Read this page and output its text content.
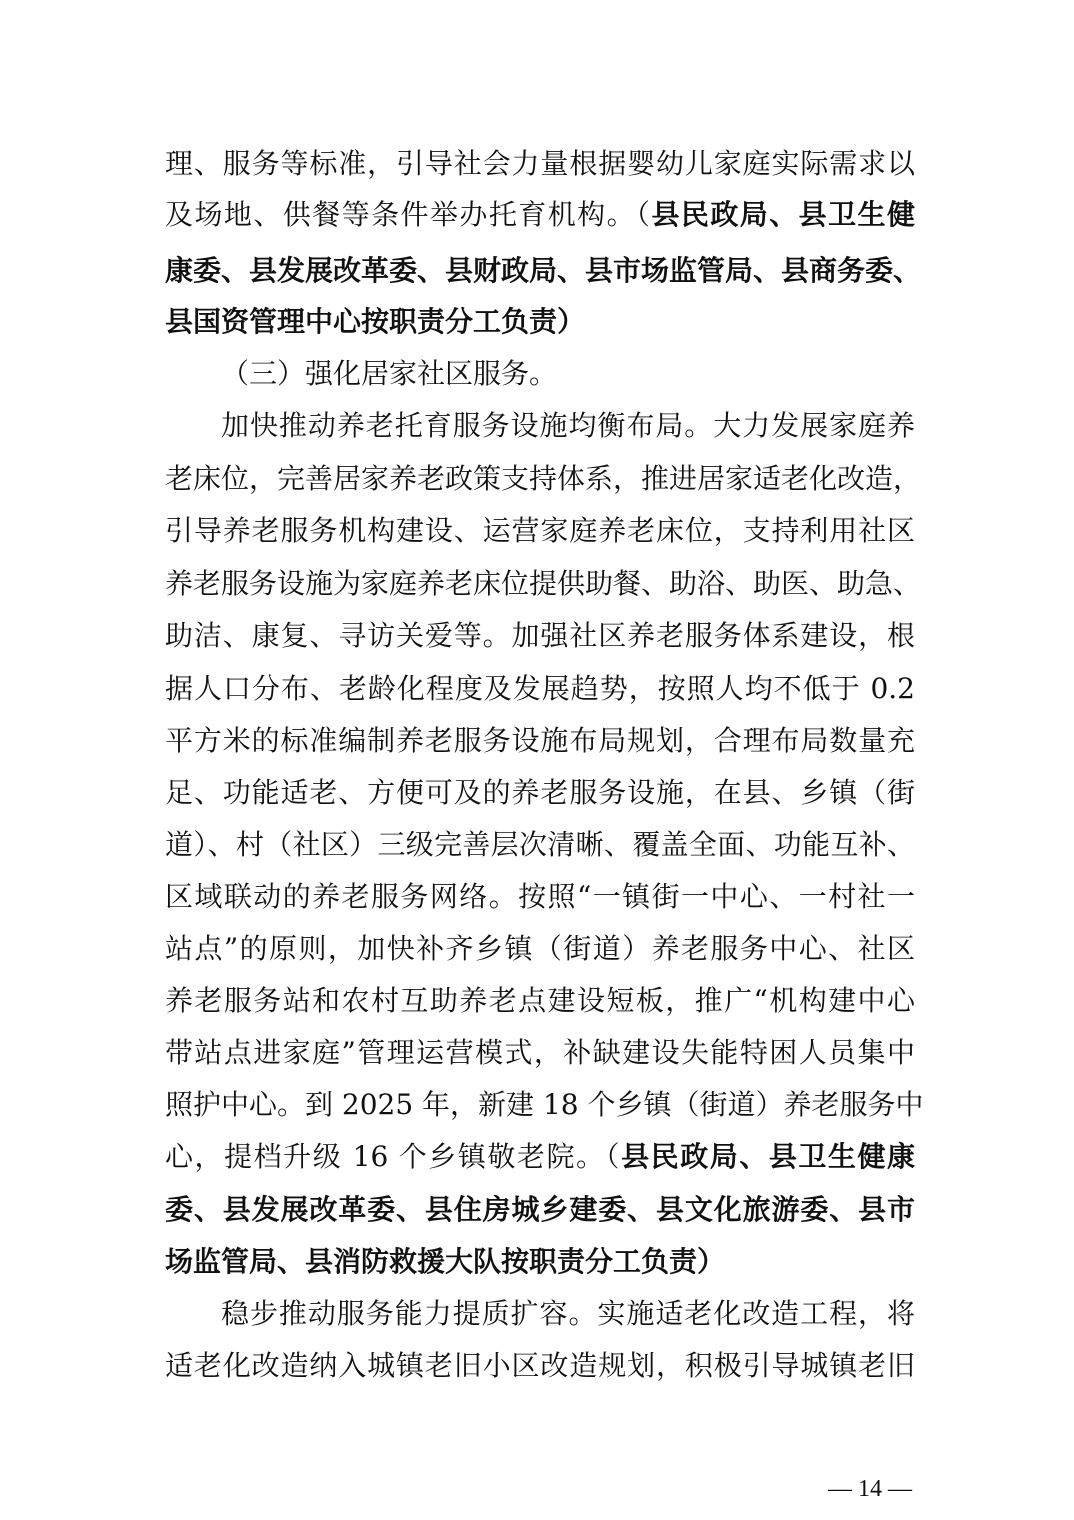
理、服务等标准，引导社会力量根据婴幼儿家庭实际需求以
及场地、供餐等条件举办托育机构。（县民政局、县卫生健
康委、县发展改革委、县财政局、县市场监管局、县商务委、
县国资管理中心按职责分工负责）
（三）强化居家社区服务。
加快推动养老托育服务设施均衡布局。大力发展家庭养
老床位，完善居家养老政策支持体系，推进居家适老化改造，
引导养老服务机构建设、运营家庭养老床位，支持利用社区
养老服务设施为家庭养老床位提供助餐、助浴、助医、助急、
助洁、康复、寻访关爱等。加强社区养老服务体系建设，根
据人口分布、老龄化程度及发展趋势，按照人均不低于 0.2
平方米的标准编制养老服务设施布局规划，合理布局数量充
足、功能适老、方便可及的养老服务设施，在县、乡镇（街
道）、村（社区）三级完善层次清晰、覆盖全面、功能互补、
区域联动的养老服务网络。按照“一镇街一中心、一村社一
站点”的原则，加快补齐乡镇（街道）养老服务中心、社区
养老服务站和农村互助养老点建设短板，推广“机构建中心
带站点进家庭”管理运营模式，补缺建设失能特困人员集中
照护中心。到 2025 年，新建 18 个乡镇（街道）养老服务中
心，提档升级 16 个乡镇敬老院。（县民政局、县卫生健康
委、县发展改革委、县住房城乡建委、县文化旅游委、县市
场监管局、县消防救援大队按职责分工负责）
稳步推动服务能力提质扩容。实施适老化改造工程，将
适老化改造纳入城镇老旧小区改造规划，积极引导城镇老旧
— 14 —
